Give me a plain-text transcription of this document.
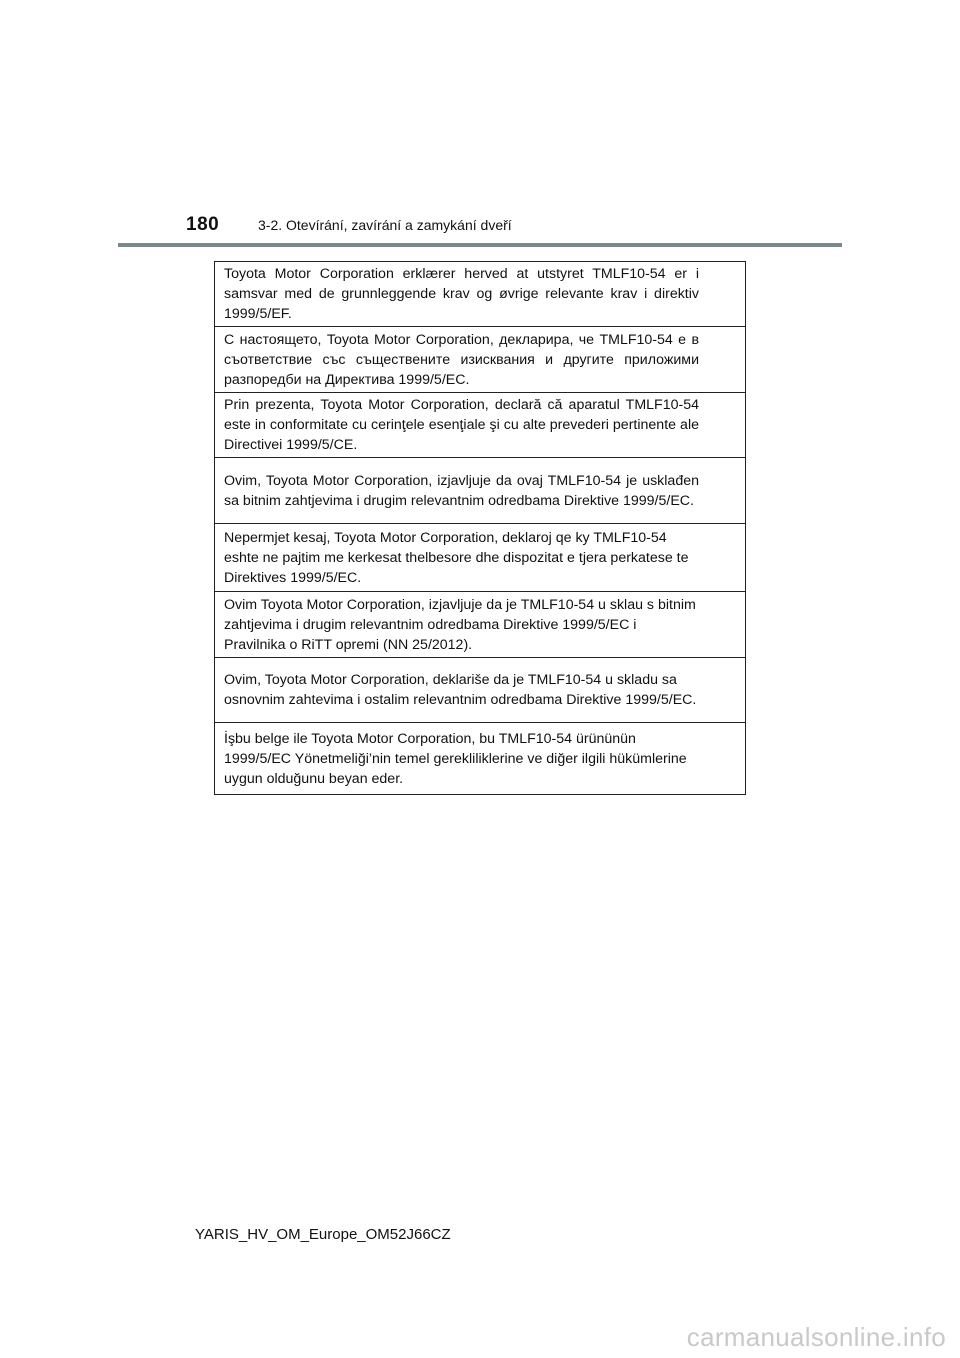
180	3-2. Otevírání, zavírání a zamykání dveří
Toyota Motor Corporation erklærer herved at utstyret TMLF10-54 er i samsvar med de grunnleggende krav og øvrige relevante krav i direktiv 1999/5/EF.
С настоящето, Toyota Motor Corporation, декларира, че TMLF10-54 е в съответствие със съществените изисквания и другите приложими разпоредби на Директива 1999/5/EC.
Prin prezenta, Toyota Motor Corporation, declară că aparatul TMLF10-54 este in conformitate cu cerinţele esenţiale şi cu alte prevederi pertinente ale Directivei 1999/5/CE.
Ovim, Toyota Motor Corporation, izjavljuje da ovaj TMLF10-54 je usklađen sa bitnim zahtjevima i drugim relevantnim odredbama Direktive 1999/5/EC.
Nepermjet kesaj, Toyota Motor Corporation, deklaroj qe ky TMLF10-54 eshte ne pajtim me kerkesat thelbesore dhe dispozitat e tjera perkatese te Direktives 1999/5/EC.
Ovim Toyota Motor Corporation, izjavljuje da je TMLF10-54 u sklau s bitnim zahtjevima i drugim relevantnim odredbama Direktive 1999/5/EC i Pravilnika o RiTT opremi (NN 25/2012).
Ovim, Toyota Motor Corporation, deklariše da je TMLF10-54 u skladu sa osnovnim zahtevima i ostalim relevantnim odredbama Direktive 1999/5/EC.
İşbu belge ile Toyota Motor Corporation, bu TMLF10-54 ürününün 1999/5/EC Yönetmeliği’nin temel gerekliliklerine ve diğer ilgili hükümlerine uygun olduğunu beyan eder.
YARIS_HV_OM_Europe_OM52J66CZ
carmanualsonline.info
